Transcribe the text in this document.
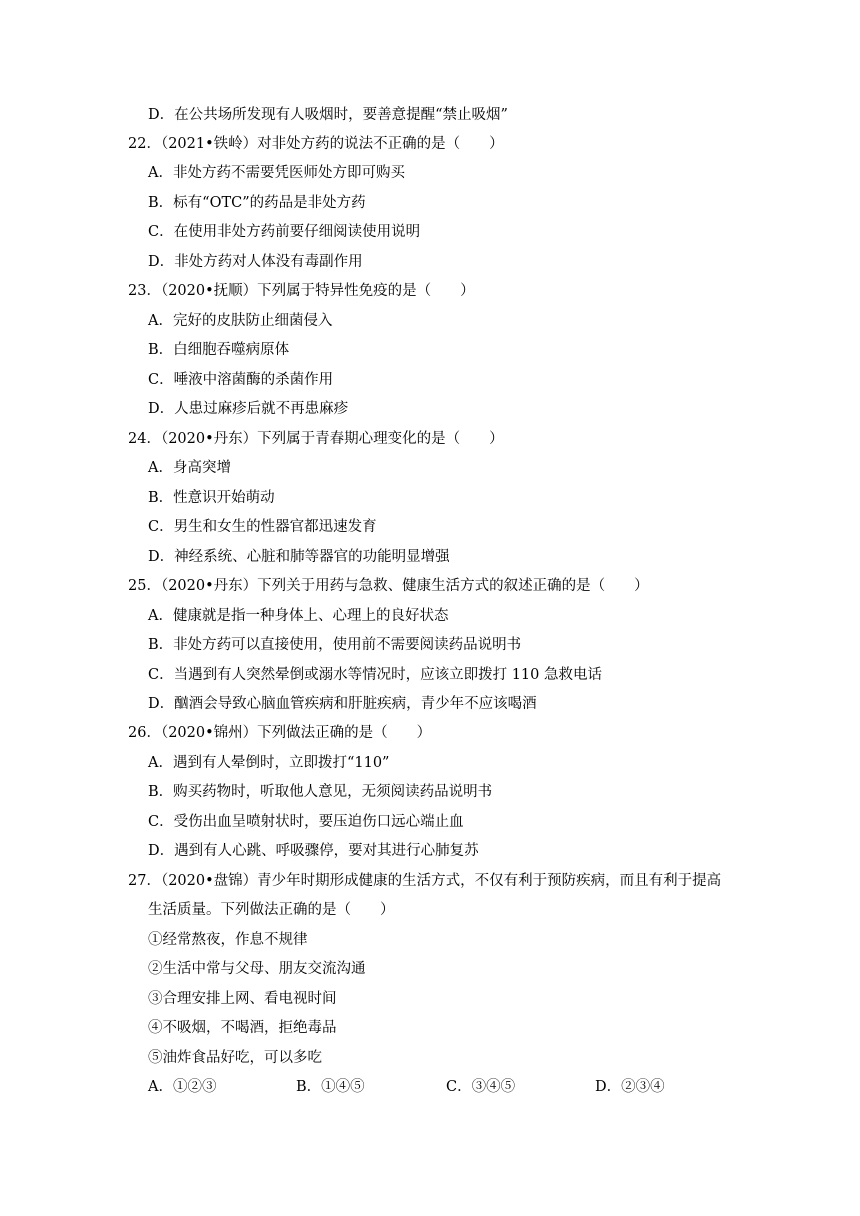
D．在公共场所发现有人吸烟时，要善意提醒“禁止吸烟”
22．（2021•铁岭）对非处方药的说法不正确的是（　　）
A．非处方药不需要凭医师处方即可购买
B．标有“OTC”的药品是非处方药
C．在使用非处方药前要仔细阅读使用说明
D．非处方药对人体没有毒副作用
23．（2020•抚顺）下列属于特异性免疫的是（　　）
A．完好的皮肤防止细菌侵入
B．白细胞吞噬病原体
C．唾液中溶菌酶的杀菌作用
D．人患过麻疹后就不再患麻疹
24．（2020•丹东）下列属于青春期心理变化的是（　　）
A．身高突增
B．性意识开始萌动
C．男生和女生的性器官都迅速发育
D．神经系统、心脏和肺等器官的功能明显增强
25．（2020•丹东）下列关于用药与急救、健康生活方式的叙述正确的是（　　）
A．健康就是指一种身体上、心理上的良好状态
B．非处方药可以直接使用，使用前不需要阅读药品说明书
C．当遇到有人突然晕倒或溺水等情况时，应该立即拨打 110 急救电话
D．酗酒会导致心脑血管疾病和肝脏疾病，青少年不应该喝酒
26．（2020•锦州）下列做法正确的是（　　）
A．遇到有人晕倒时，立即拨打“110”
B．购买药物时，听取他人意见，无须阅读药品说明书
C．受伤出血呈喷射状时，要压迫伤口远心端止血
D．遇到有人心跳、呼吸骤停，要对其进行心肺复苏
27．（2020•盘锦）青少年时期形成健康的生活方式，不仅有利于预防疾病，而且有利于提高
生活质量。下列做法正确的是（　　）
①经常熬夜，作息不规律
②生活中常与父母、朋友交流沟通
③合理安排上网、看电视时间
④不吸烟，不喝酒，拒绝毒品
⑤油炸食品好吃，可以多吃
A．①②③	B．①④⑤	C．③④⑤	D．②③④
